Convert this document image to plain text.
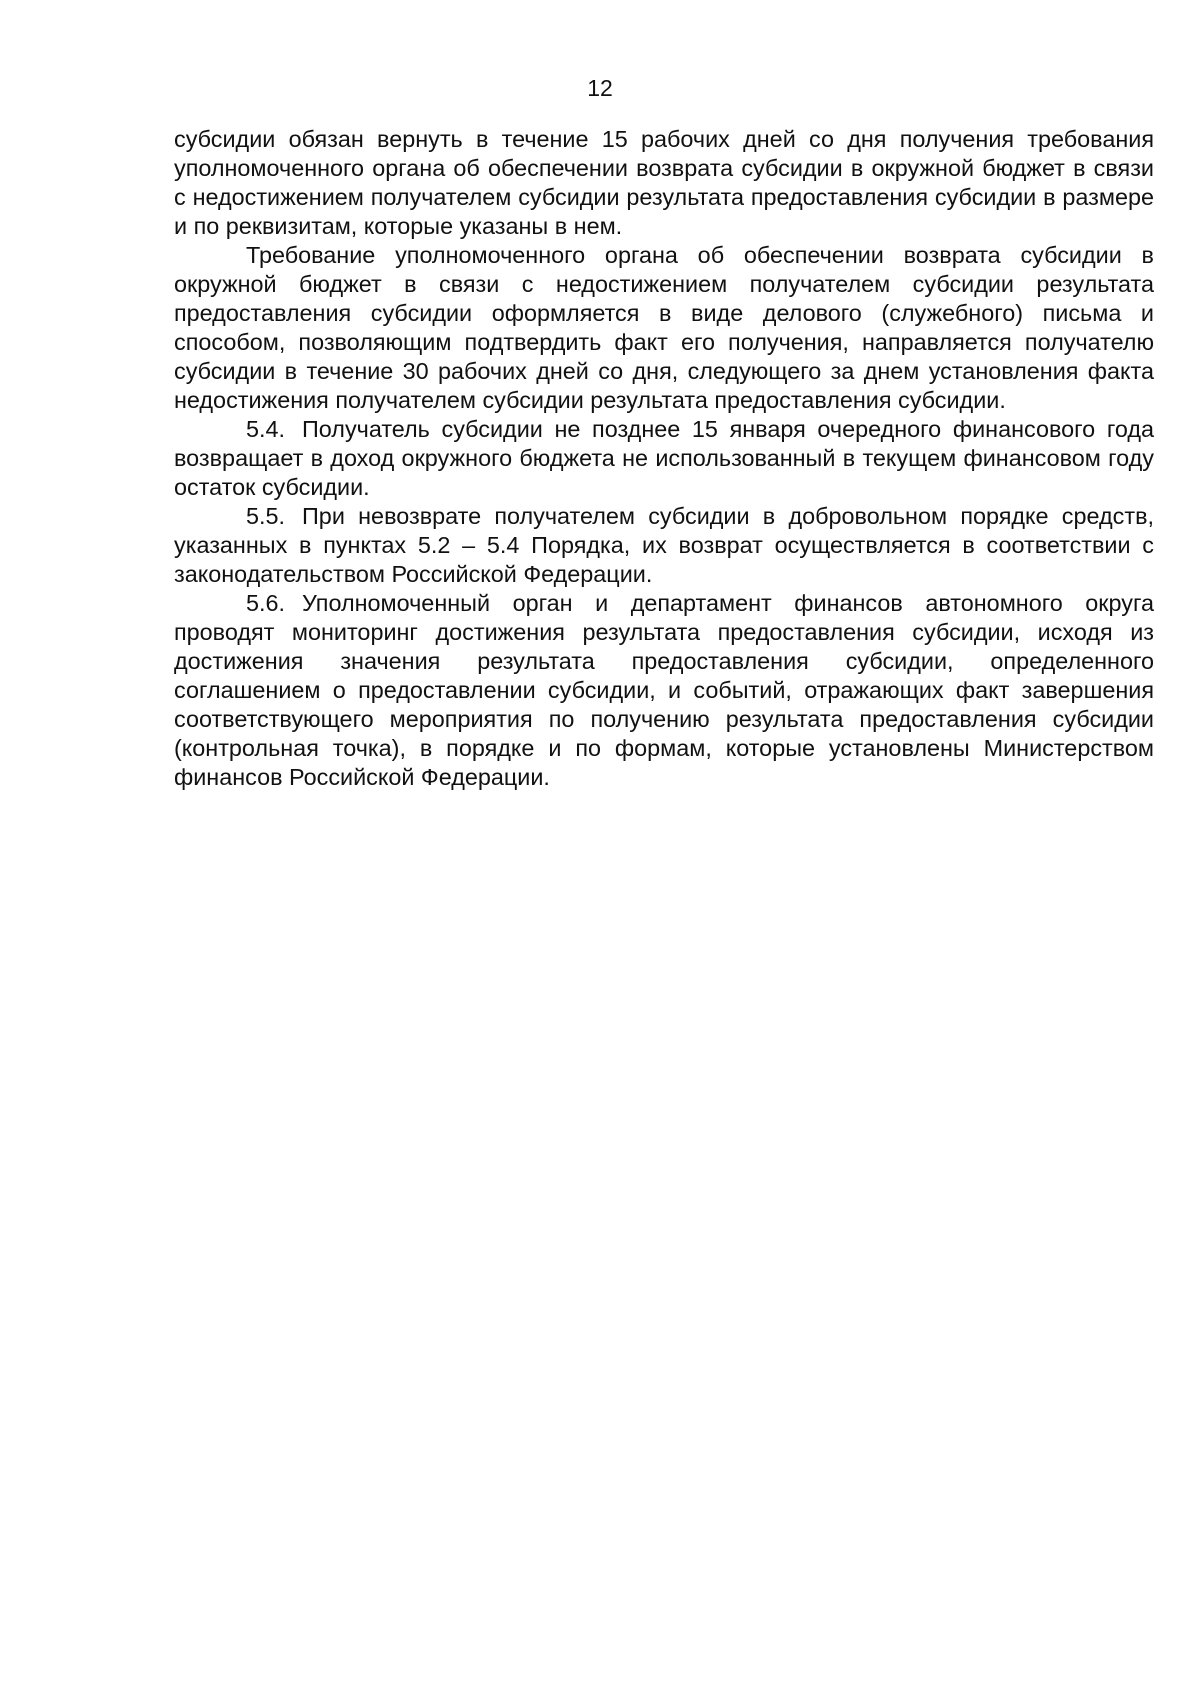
12

субсидии обязан вернуть в течение 15 рабочих дней со дня получения требования уполномоченного органа об обеспечении возврата субсидии в окружной бюджет в связи с недостижением получателем субсидии результата предоставления субсидии в размере и по реквизитам, которые указаны в нем.

Требование уполномоченного органа об обеспечении возврата субсидии в окружной бюджет в связи с недостижением получателем субсидии результата предоставления субсидии оформляется в виде делового (служебного) письма и способом, позволяющим подтвердить факт его получения, направляется получателю субсидии в течение 30 рабочих дней со дня, следующего за днем установления факта недостижения получателем субсидии результата предоставления субсидии.

5.4. Получатель субсидии не позднее 15 января очередного финансового года возвращает в доход окружного бюджета не использованный в текущем финансовом году остаток субсидии.

5.5. При невозврате получателем субсидии в добровольном порядке средств, указанных в пунктах 5.2 – 5.4 Порядка, их возврат осуществляется в соответствии с законодательством Российской Федерации.

5.6. Уполномоченный орган и департамент финансов автономного округа проводят мониторинг достижения результата предоставления субсидии, исходя из достижения значения результата предоставления субсидии, определенного соглашением о предоставлении субсидии, и событий, отражающих факт завершения соответствующего мероприятия по получению результата предоставления субсидии (контрольная точка), в порядке и по формам, которые установлены Министерством финансов Российской Федерации.
